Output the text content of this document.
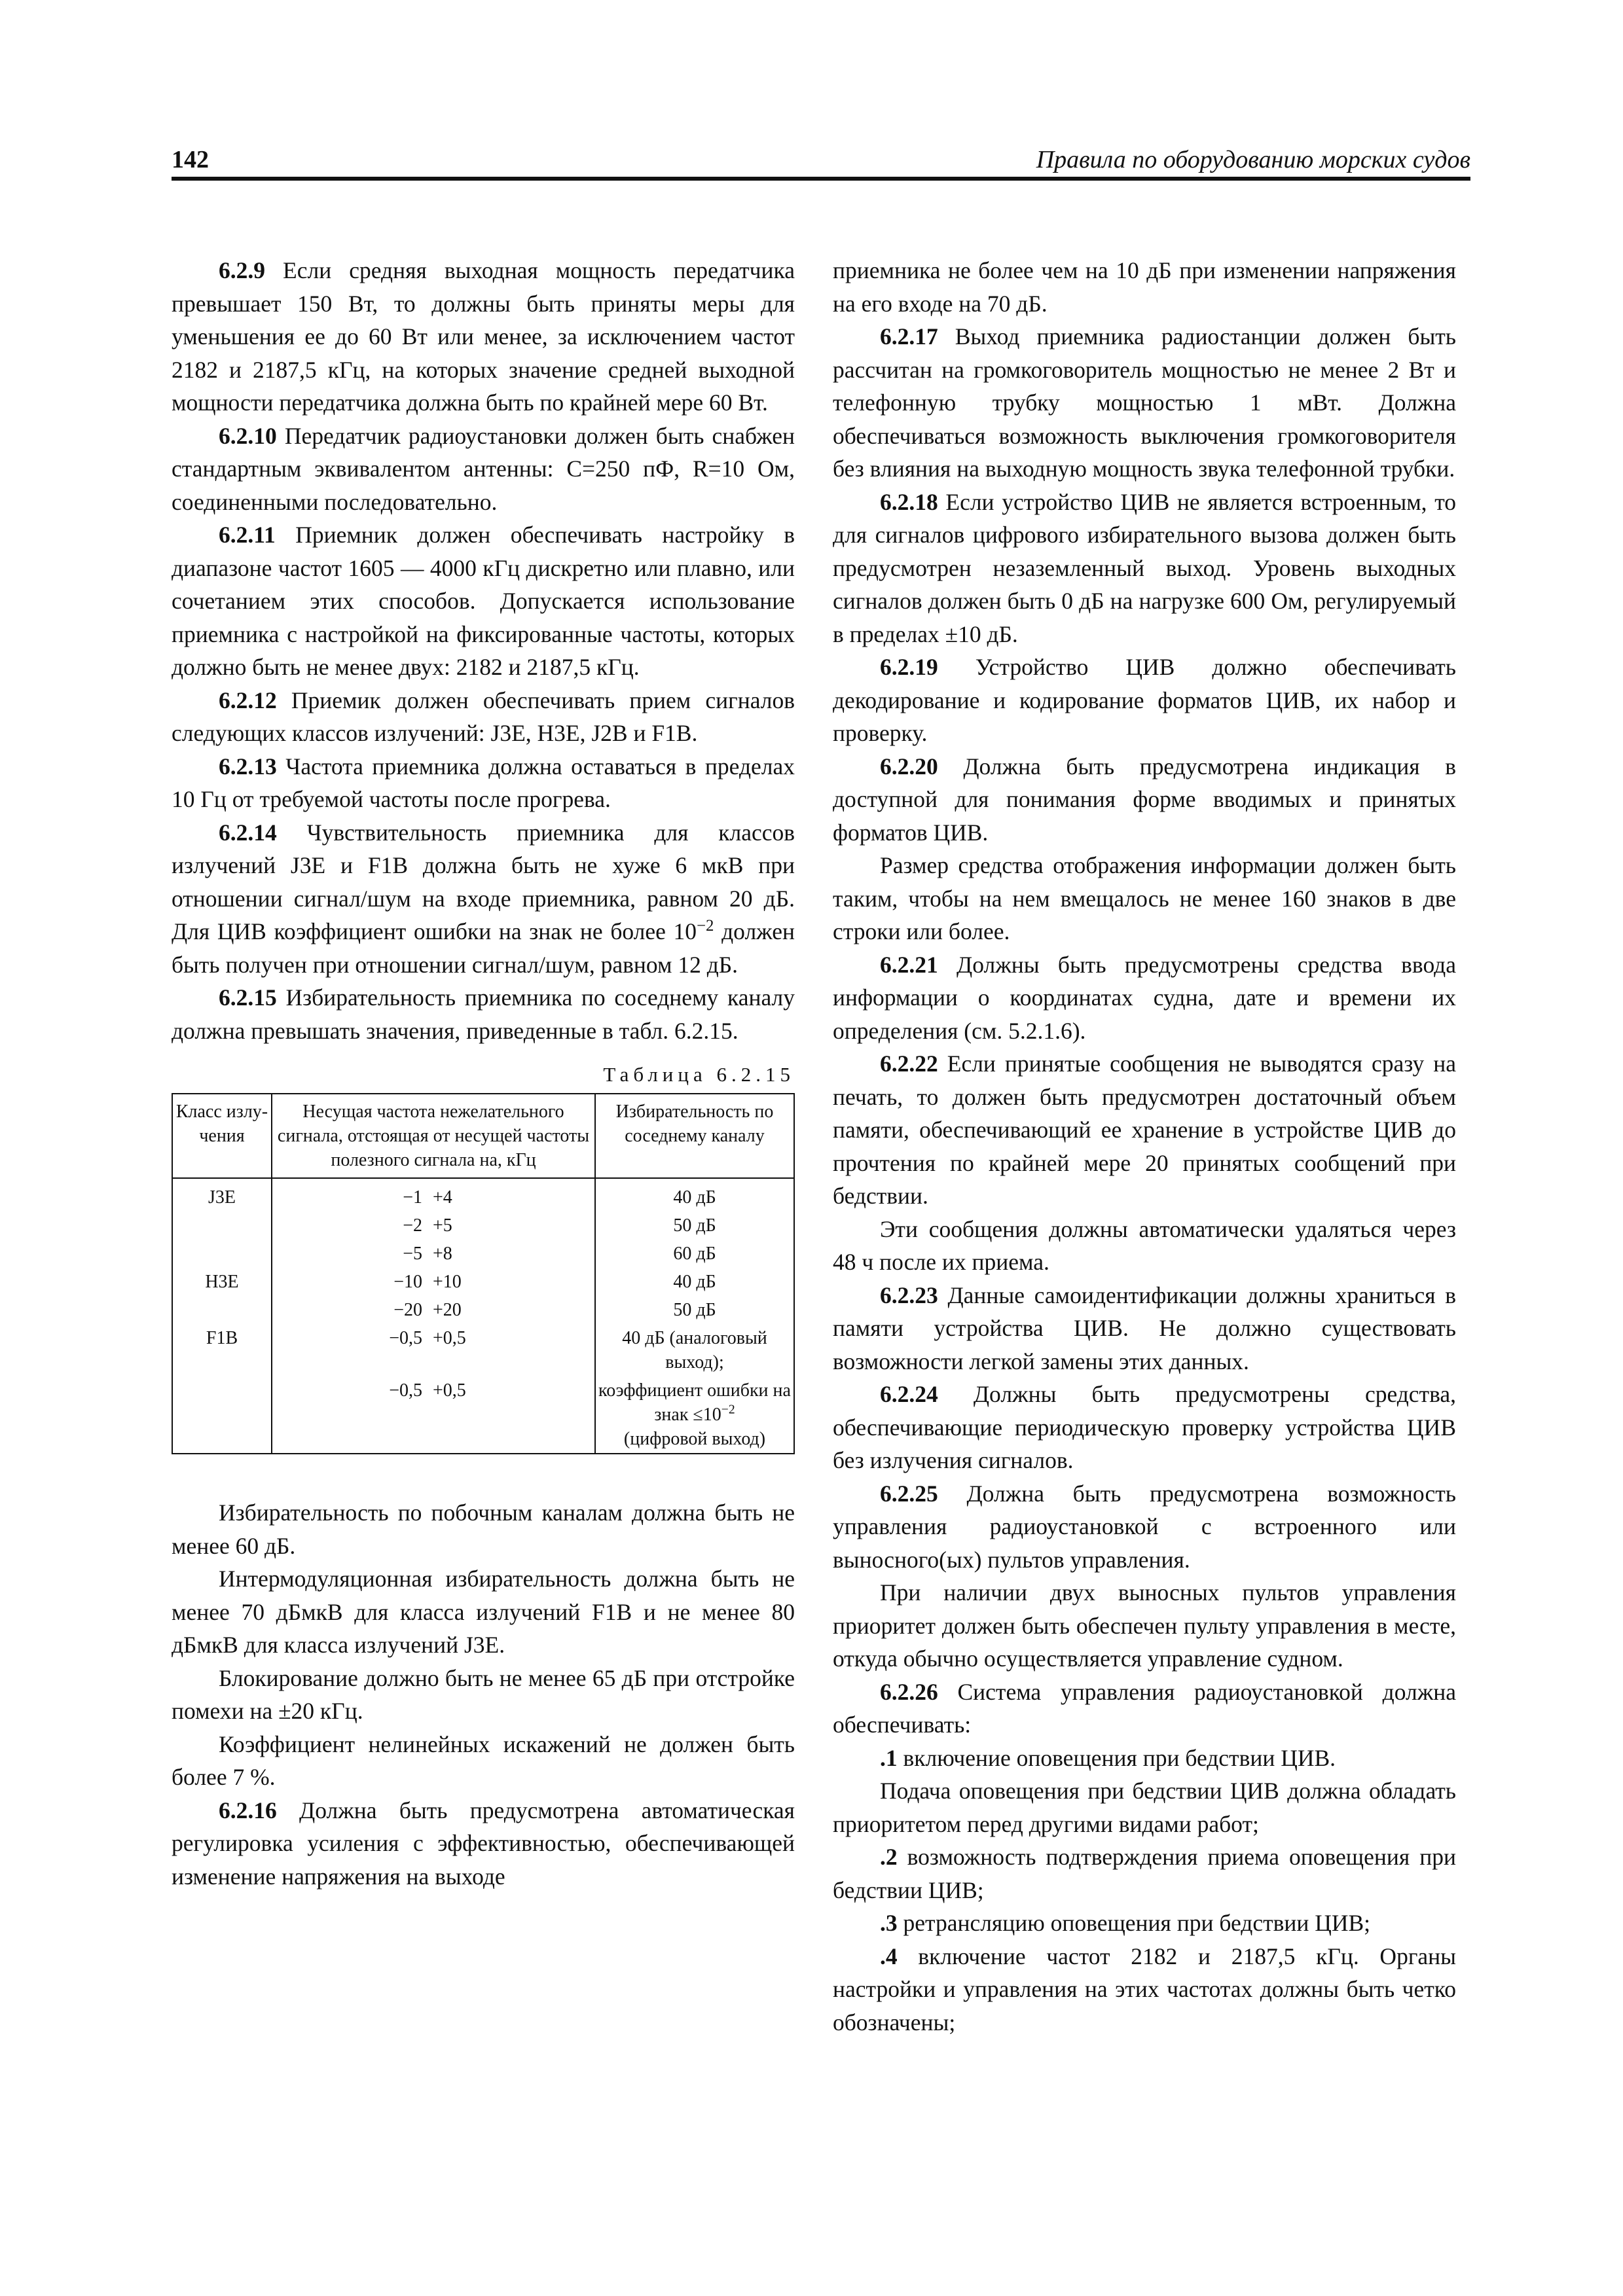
142	Правила по оборудованию морских судов

6.2.9 Если средняя выходная мощность передатчика превышает 150 Вт, то должны быть приняты меры для уменьшения ее до 60 Вт или менее, за исключением частот 2182 и 2187,5 кГц, на которых значение средней выходной мощности передатчика должна быть по крайней мере 60 Вт.

6.2.10 Передатчик радиоустановки должен быть снабжен стандартным эквивалентом антенны: C=250 пФ, R=10 Ом, соединенными последовательно.

6.2.11 Приемник должен обеспечивать настройку в диапазоне частот 1605 — 4000 кГц дискретно или плавно, или сочетанием этих способов. Допускается использование приемника с настройкой на фиксированные частоты, которых должно быть не менее двух: 2182 и 2187,5 кГц.

6.2.12 Приемик должен обеспечивать прием сигналов следующих классов излучений: J3E, H3E, J2B и F1B.

6.2.13 Частота приемника должна оставаться в пределах 10 Гц от требуемой частоты после прогрева.

6.2.14 Чувствительность приемника для классов излучений J3E и F1B должна быть не хуже 6 мкВ при отношении сигнал/шум на входе приемника, равном 20 дБ. Для ЦИВ коэффициент ошибки на знак не более $10^{-2}$ должен быть получен при отношении сигнал/шум, равном 12 дБ.

6.2.15 Избирательность приемника по соседнему каналу должна превышать значения, приведенные в табл. 6.2.15.

Таблица 6.2.15
Класс излу-чения	Несущая частота нежелательного сигнала, отстоящая от несущей частоты полезного сигнала на, кГц	Избирательность по соседнему каналу
J3E	−1 +4	40 дБ
	−2 +5	50 дБ
	−5 +8	60 дБ
H3E	−10 +10	40 дБ
	−20 +20	50 дБ
F1B	−0,5 +0,5	40 дБ (аналоговый выход);
	−0,5 +0,5	коэффициент ошибки на знак $\le 10^{-2}$
(цифровой выход)

Избирательность по побочным каналам должна быть не менее 60 дБ.

Интермодуляционная избирательность должна быть не менее 70 дБмкВ для класса излучений F1B и не менее 80 дБмкВ для класса излучений J3E.

Блокирование должно быть не менее 65 дБ при отстройке помехи на ±20 кГц.

Коэффициент нелинейных искажений не должен быть более 7 %.

6.2.16 Должна быть предусмотрена автоматическая регулировка усиления с эффективностью, обеспечивающей изменение напряжения на выходе

приемника не более чем на 10 дБ при изменении напряжения на его входе на 70 дБ.

6.2.17 Выход приемника радиостанции должен быть рассчитан на громкоговоритель мощностью не менее 2 Вт и телефонную трубку мощностью 1 мВт. Должна обеспечиваться возможность выключения громкоговорителя без влияния на выходную мощность звука телефонной трубки.

6.2.18 Если устройство ЦИВ не является встроенным, то для сигналов цифрового избирательного вызова должен быть предусмотрен незаземленный выход. Уровень выходных сигналов должен быть 0 дБ на нагрузке 600 Ом, регулируемый в пределах ±10 дБ.

6.2.19 Устройство ЦИВ должно обеспечивать декодирование и кодирование форматов ЦИВ, их набор и проверку.

6.2.20 Должна быть предусмотрена индикация в доступной для понимания форме вводимых и принятых форматов ЦИВ.

Размер средства отображения информации должен быть таким, чтобы на нем вмещалось не менее 160 знаков в две строки или более.

6.2.21 Должны быть предусмотрены средства ввода информации о координатах судна, дате и времени их определения (см. 5.2.1.6).

6.2.22 Если принятые сообщения не выводятся сразу на печать, то должен быть предусмотрен достаточный объем памяти, обеспечивающий ее хранение в устройстве ЦИВ до прочтения по крайней мере 20 принятых сообщений при бедствии.

Эти сообщения должны автоматически удаляться через 48 ч после их приема.

6.2.23 Данные самоидентификации должны храниться в памяти устройства ЦИВ. Не должно существовать возможности легкой замены этих данных.

6.2.24 Должны быть предусмотрены средства, обеспечивающие периодическую проверку устройства ЦИВ без излучения сигналов.

6.2.25 Должна быть предусмотрена возможность управления радиоустановкой с встроенного или выносного(ых) пультов управления.

При наличии двух выносных пультов управления приоритет должен быть обеспечен пульту управления в месте, откуда обычно осуществляется управление судном.

6.2.26 Система управления радиоустановкой должна обеспечивать:

.1 включение оповещения при бедствии ЦИВ.

Подача оповещения при бедствии ЦИВ должна обладать приоритетом перед другими видами работ;

.2 возможность подтверждения приема оповещения при бедствии ЦИВ;

.3 ретрансляцию оповещения при бедствии ЦИВ;

.4 включение частот 2182 и 2187,5 кГц. Органы настройки и управления на этих частотах должны быть четко обозначены;
